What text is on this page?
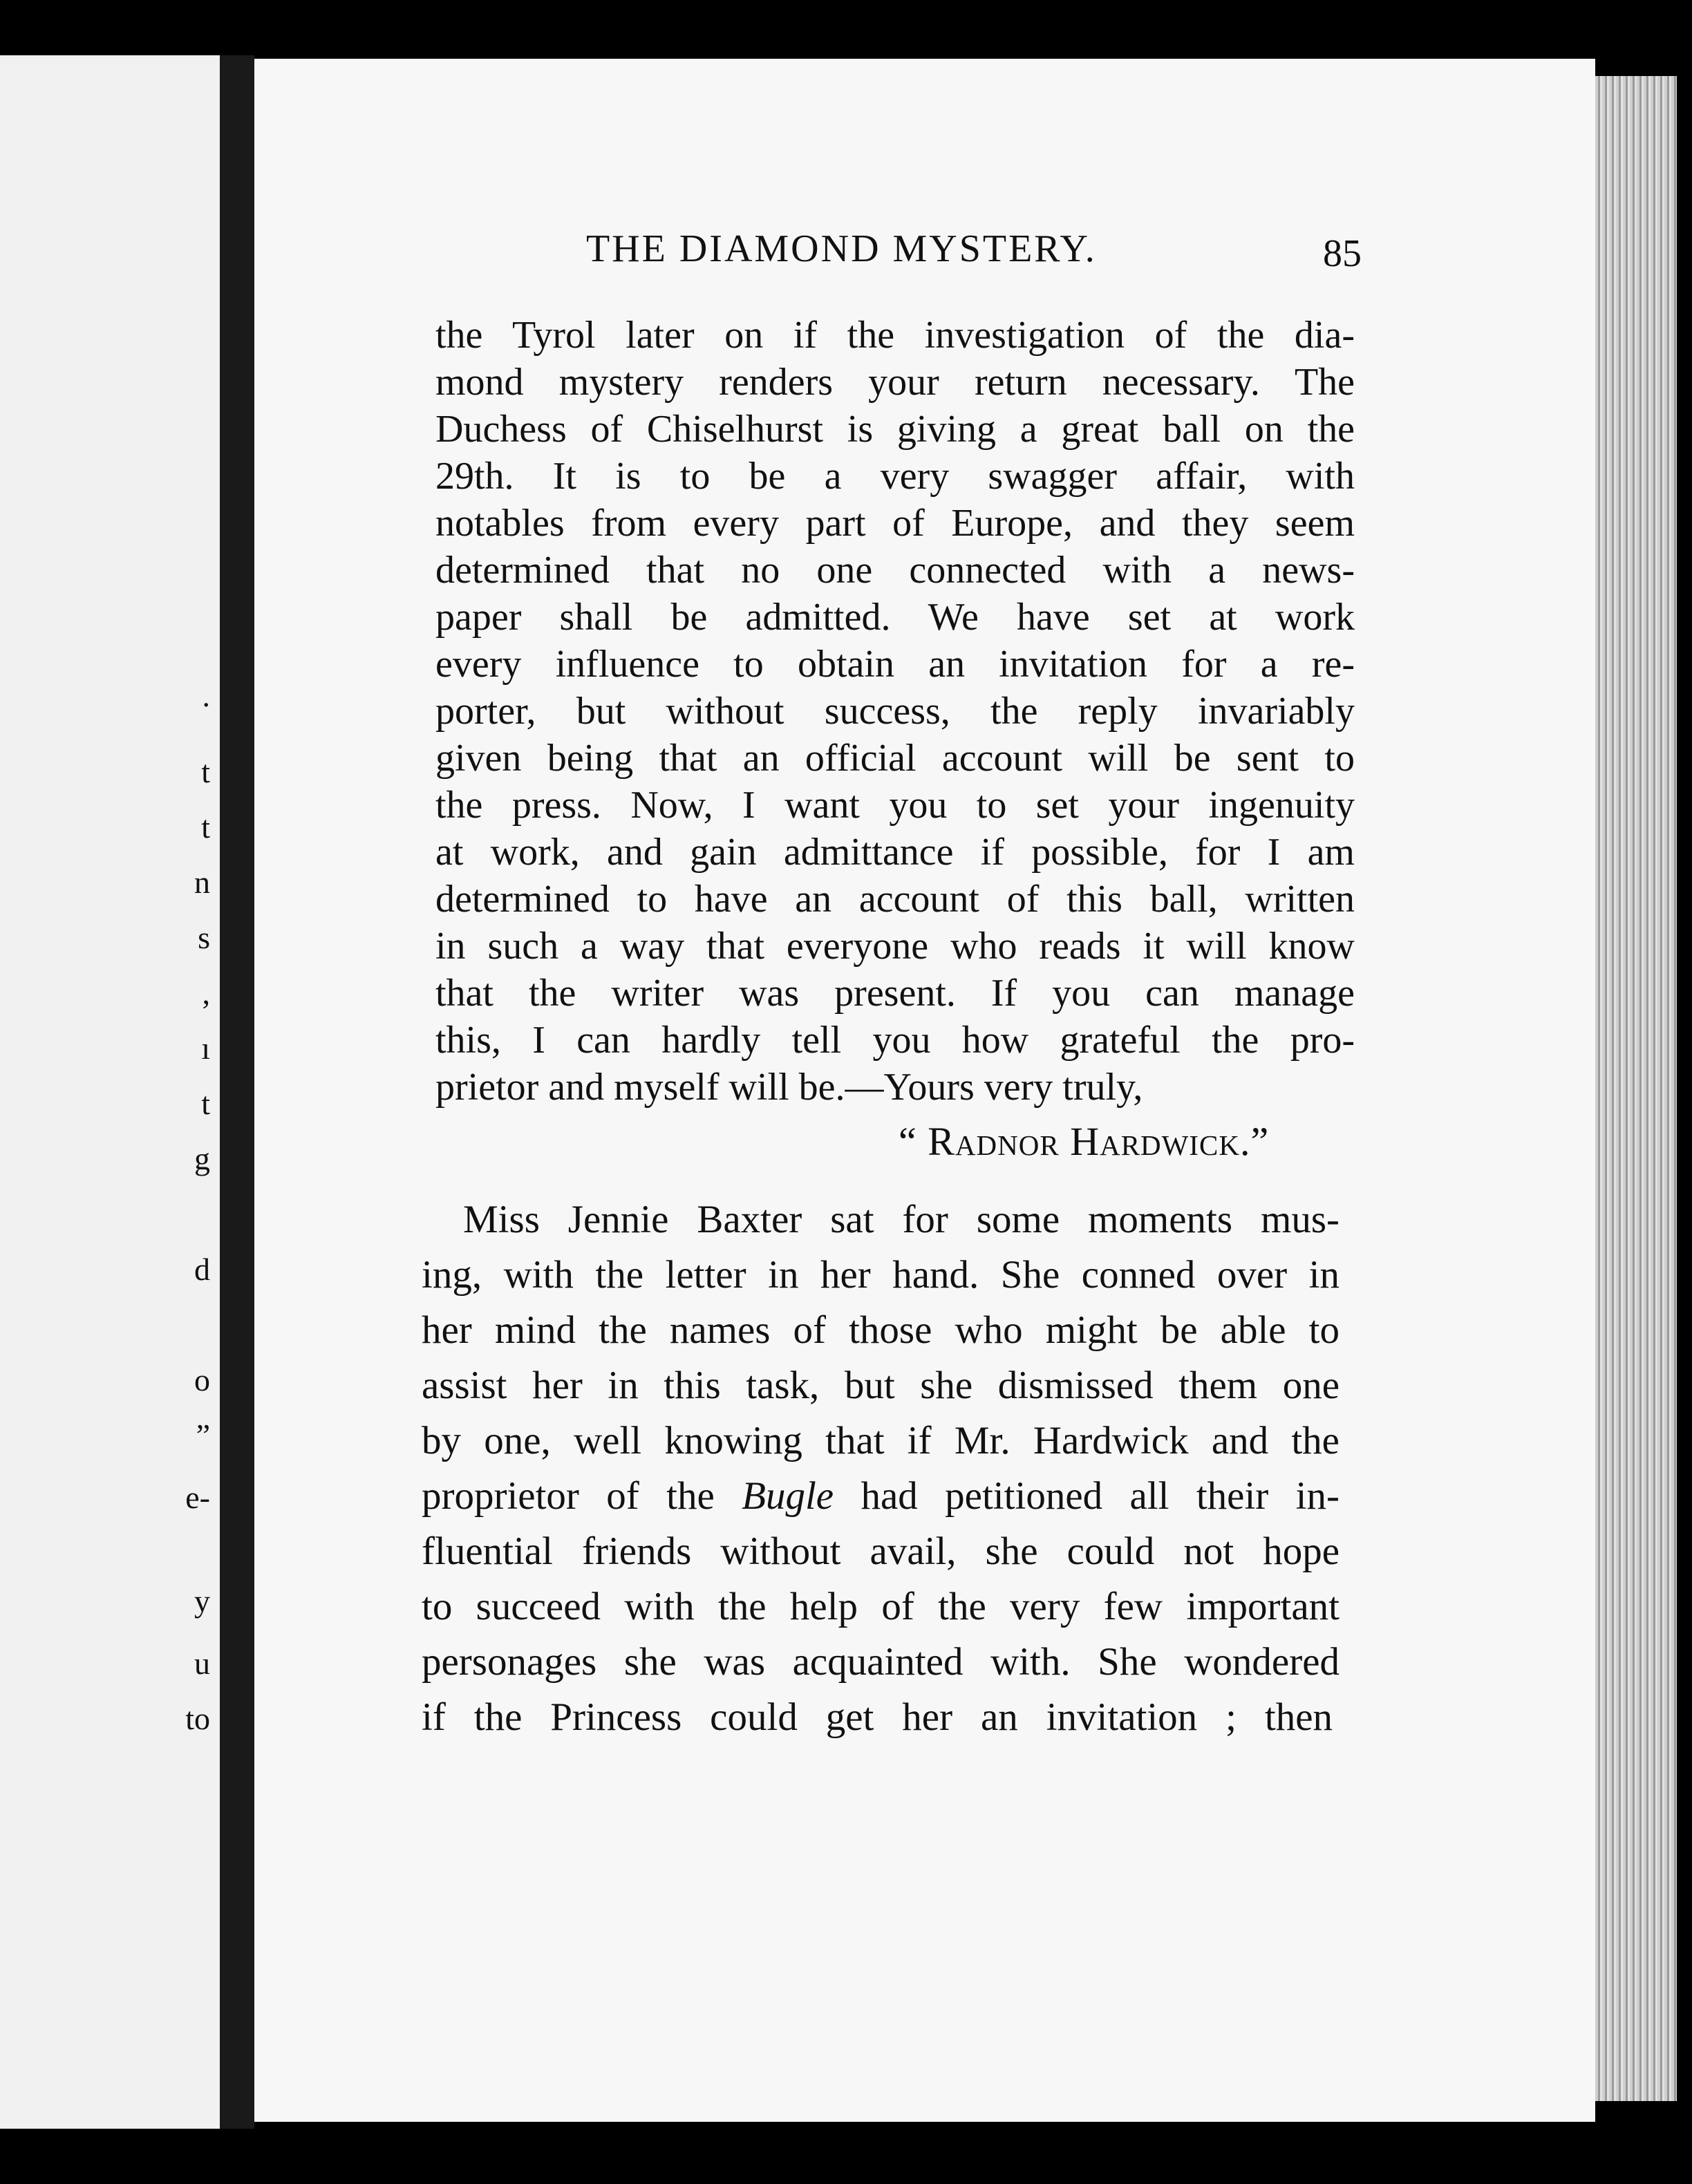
.
t
t
n
s
,
ı
t
g
d
o
”
e-
y
u
to
THE DIAMOND MYSTERY.	85
the Tyrol later on if the investigation of the dia-
mond mystery renders your return necessary. The
Duchess of Chiselhurst is giving a great ball on the
29th. It is to be a very swagger affair, with
notables from every part of Europe, and they seem
determined that no one connected with a news-
paper shall be admitted. We have set at work
every influence to obtain an invitation for a re-
porter, but without success, the reply invariably
given being that an official account will be sent to
the press. Now, I want you to set your ingenuity
at work, and gain admittance if possible, for I am
determined to have an account of this ball, written
in such a way that everyone who reads it will know
that the writer was present. If you can manage
this, I can hardly tell you how grateful the pro-
prietor and myself will be.—Yours very truly,
“ Radnor Hardwick.”
Miss Jennie Baxter sat for some moments mus-
ing, with the letter in her hand. She conned over in
her mind the names of those who might be able to
assist her in this task, but she dismissed them one
by one, well knowing that if Mr. Hardwick and the
proprietor of the Bugle had petitioned all their in-
fluential friends without avail, she could not hope
to succeed with the help of the very few important
personages she was acquainted with. She wondered
if the Princess could get her an invitation ; then
